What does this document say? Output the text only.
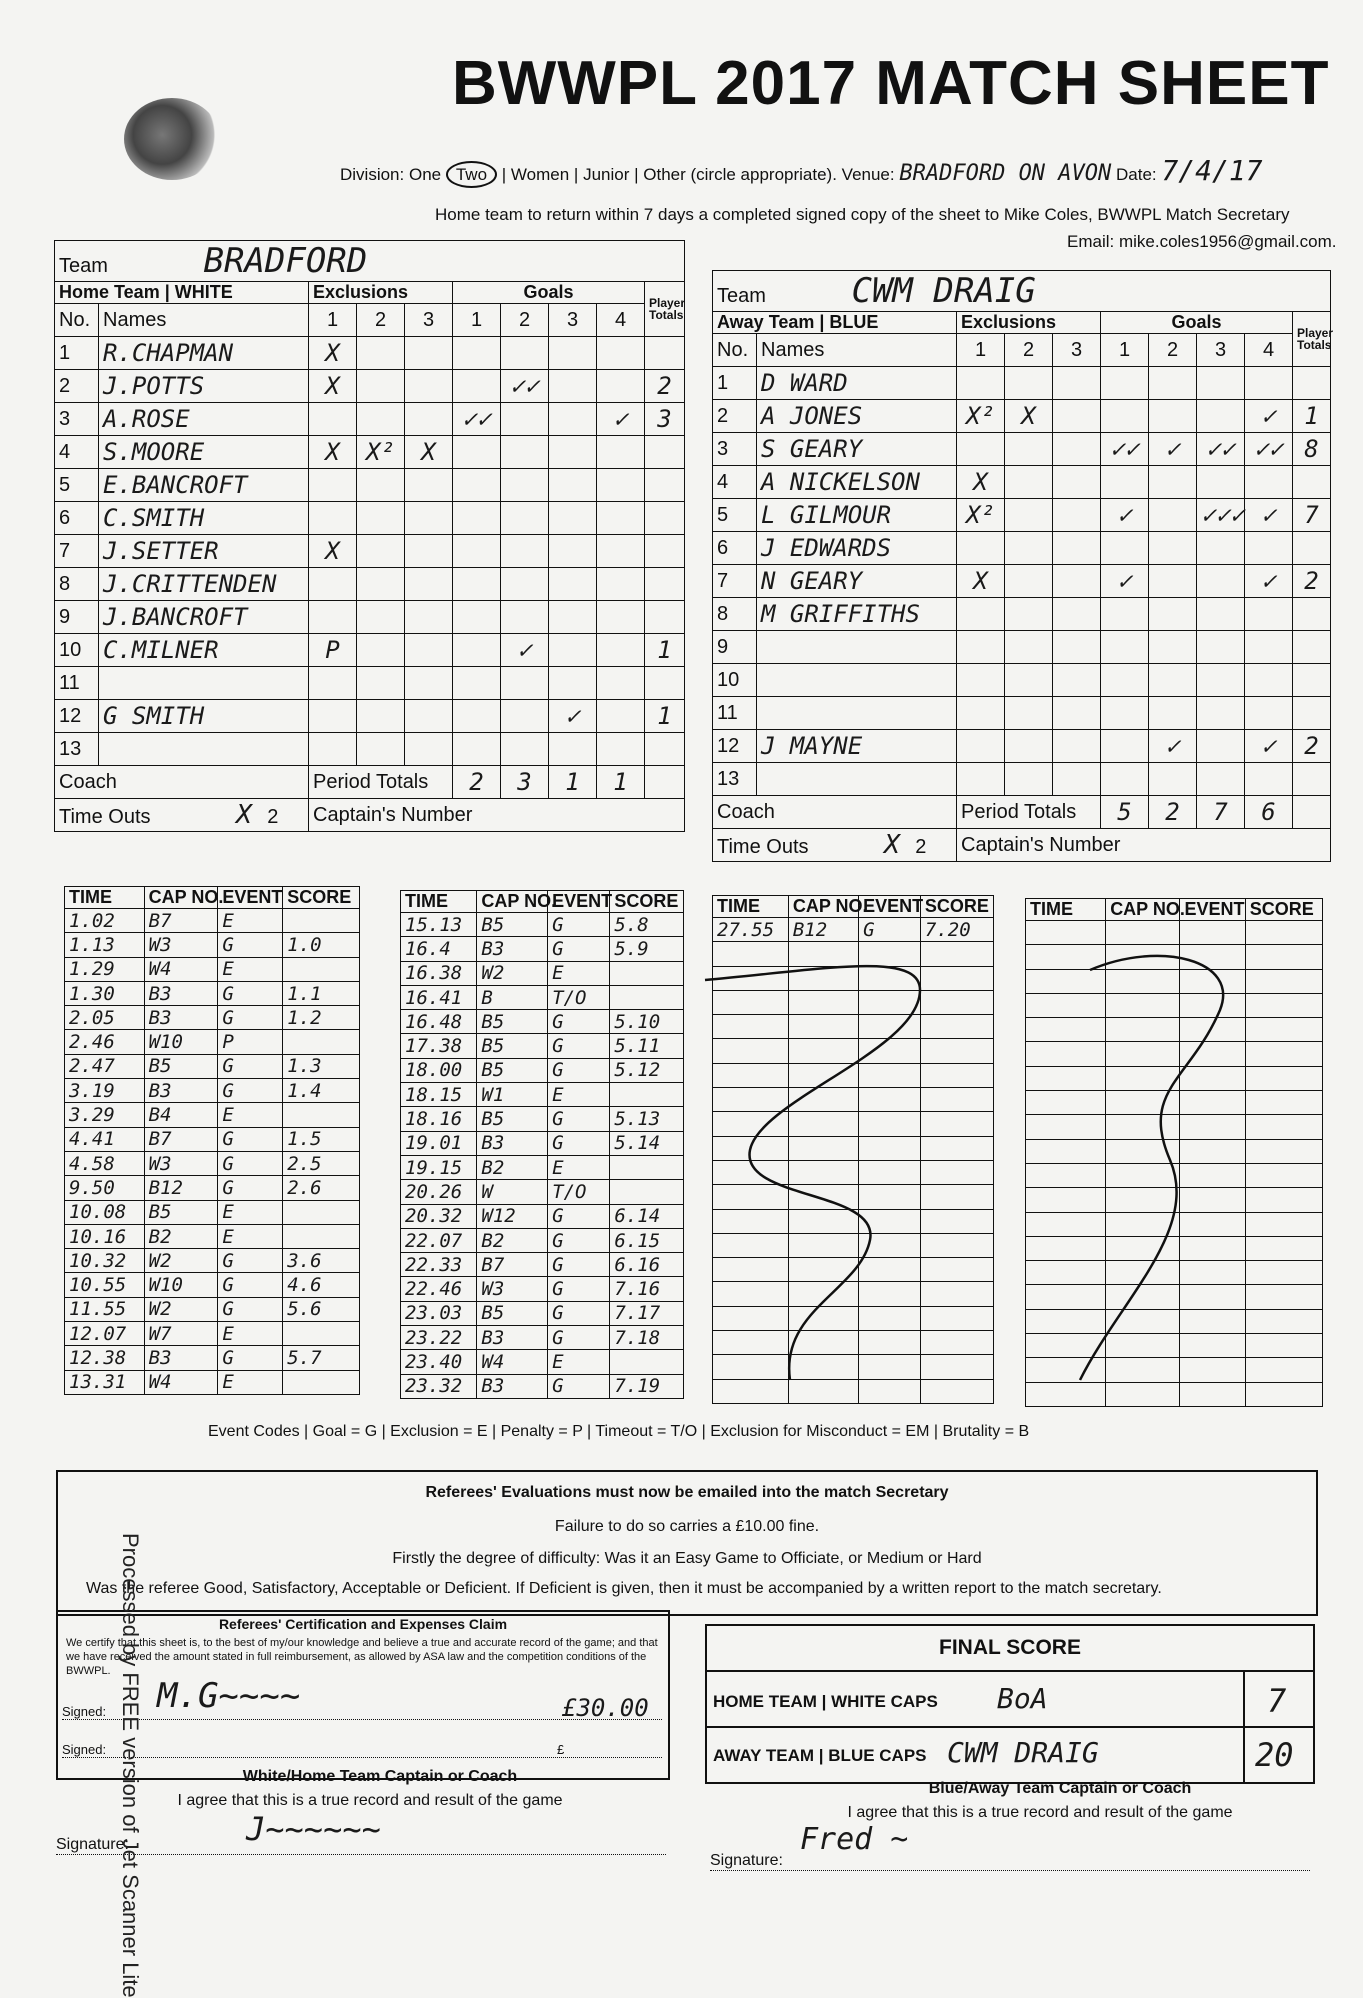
BWWPL 2017 MATCH SHEET
Division: One Two | Women | Junior | Other (circle appropriate). Venue: BRADFORD ON AVON Date: 7/4/17
Home team to return within 7 days a completed signed copy of the sheet to Mike Coles, BWWPL Match Secretary
Email: mike.coles1956@gmail.com.
Team BRADFORD									
Home Team | WHITE		Exclusions			Goals				Player Totals
No.	Names	1	2	3	1	2	3	4	
1	R.CHAPMAN	X							
2	J.POTTS	X				✓✓			2
3	A.ROSE				✓✓			✓	3
4	S.MOORE	X	X²	X					
5	E.BANCROFT								
6	C.SMITH								
7	J.SETTER	X							
8	J.CRITTENDEN								
9	J.BANCROFT								
10	C.MILNER	P				✓			1
11									
12	G SMITH						✓		1
13									
Coach		Period Totals			2	3	1	1	
Time Outs X 2		Captain's Number							
Team CWM DRAIG									
Away Team | BLUE		Exclusions			Goals				Player Totals
No.	Names	1	2	3	1	2	3	4	
1	D WARD								
2	A JONES	X²	X					✓	1
3	S GEARY				✓✓	✓	✓✓	✓✓	8
4	A NICKELSON	X							
5	L GILMOUR	X²			✓		✓✓✓	✓	7
6	J EDWARDS								
7	N GEARY	X			✓			✓	2
8	M GRIFFITHS								
9									
10									
11									
12	J MAYNE					✓		✓	2
13									
Coach		Period Totals			5	2	7	6	
Time Outs X 2		Captain's Number							
TIME	CAP NO.	EVENT	SCORE
1.02	B7	E	
1.13	W3	G	1.0
1.29	W4	E	
1.30	B3	G	1.1
2.05	B3	G	1.2
2.46	W10	P	
2.47	B5	G	1.3
3.19	B3	G	1.4
3.29	B4	E	
4.41	B7	G	1.5
4.58	W3	G	2.5
9.50	B12	G	2.6
10.08	B5	E	
10.16	B2	E	
10.32	W2	G	3.6
10.55	W10	G	4.6
11.55	W2	G	5.6
12.07	W7	E	
12.38	B3	G	5.7
13.31	W4	E	
TIME	CAP NO.	EVENT	SCORE
15.13	B5	G	5.8
16.4	B3	G	5.9
16.38	W2	E	
16.41	B	T/O	
16.48	B5	G	5.10
17.38	B5	G	5.11
18.00	B5	G	5.12
18.15	W1	E	
18.16	B5	G	5.13
19.01	B3	G	5.14
19.15	B2	E	
20.26	W	T/O	
20.32	W12	G	6.14
22.07	B2	G	6.15
22.33	B7	G	6.16
22.46	W3	G	7.16
23.03	B5	G	7.17
23.22	B3	G	7.18
23.40	W4	E	
23.32	B3	G	7.19
TIME	CAP NO.	EVENT	SCORE
27.55	B12	G	7.20

TIME	CAP NO.	EVENT	SCORE

Event Codes | Goal = G | Exclusion = E | Penalty = P | Timeout = T/O | Exclusion for Misconduct = EM | Brutality = B
Referees' Evaluations must now be emailed into the match Secretary
Failure to do so carries a £10.00 fine.
Firstly the degree of difficulty: Was it an Easy Game to Officiate, or Medium or Hard
Was the referee Good, Satisfactory, Acceptable or Deficient. If Deficient is given, then it must be accompanied by a written report to the match secretary.
Referees' Certification and Expenses Claim
We certify that this sheet is, to the best of my/our knowledge and believe a true and accurate record of the game; and that we have received the amount stated in full reimbursement, as allowed by ASA law and the competition conditions of the BWWPL.
Signed: M.G~~~~	£30.00
Signed:	£
FINAL SCORE
HOME TEAM | WHITE CAPS BoA	7
AWAY TEAM | BLUE CAPS CWM DRAIG	20
White/Home Team Captain or Coach
I agree that this is a true record and result of the game
Signature:	J~~~~~~
Blue/Away Team Captain or Coach
I agree that this is a true record and result of the game
Signature:
Fred ~
Processed by FREE version of Jet Scanner Lite
